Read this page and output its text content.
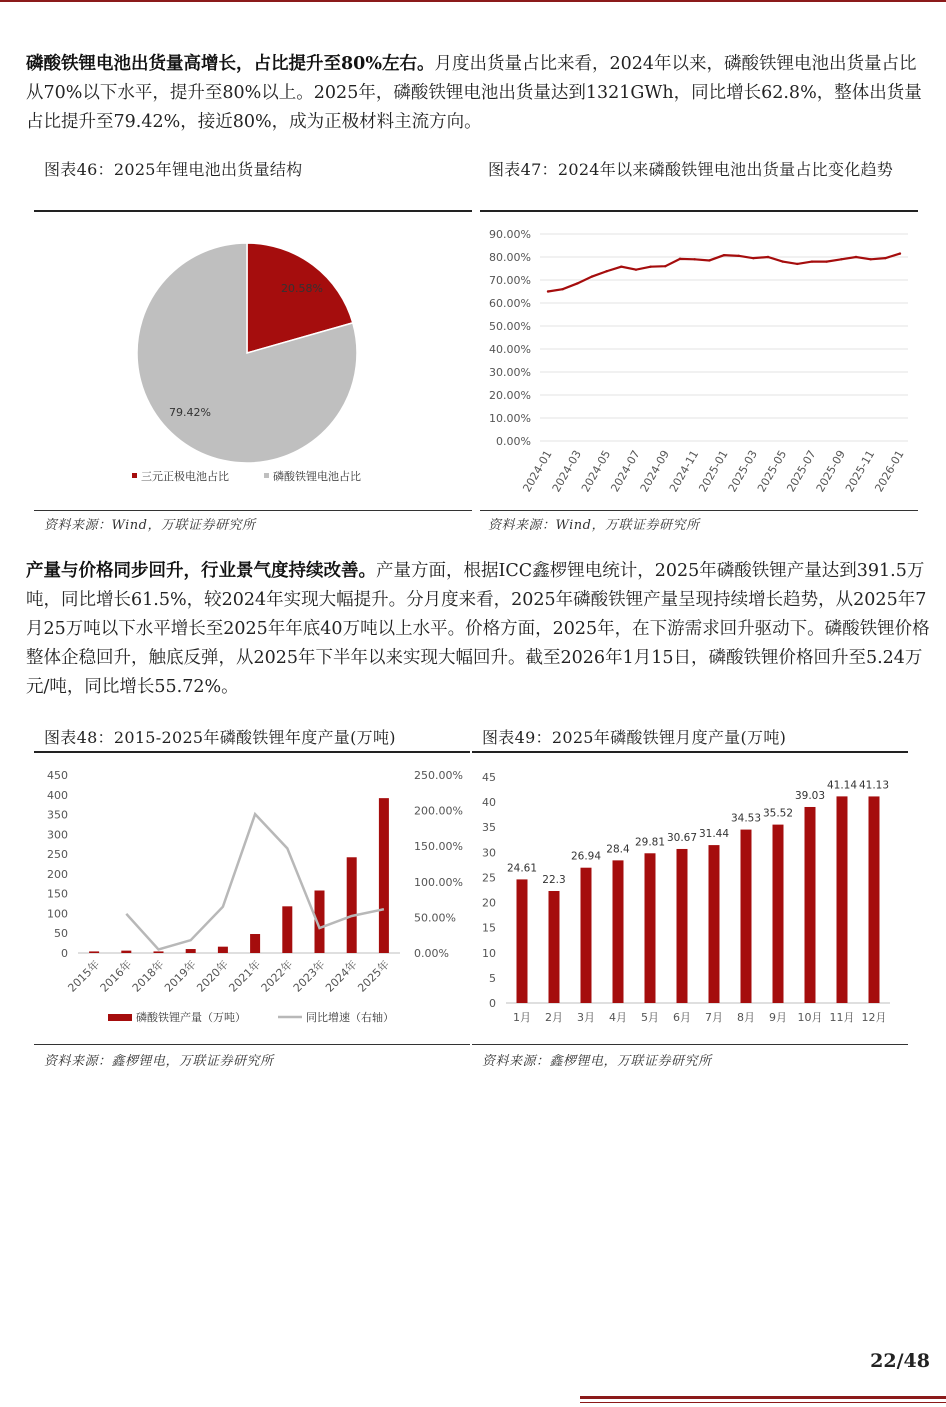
磷酸铁锂电池出货量高增长，占比提升至80%左右。月度出货量占比来看，2024年以来，磷酸铁锂电池出货量占比从70%以下水平，提升至80%以上。2025年，磷酸铁锂电池出货量达到1321GWh，同比增长62.8%，整体出货量占比提升至79.42%，接近80%，成为正极材料主流方向。

图表46：2025年锂电池出货量结构
20.58%
79.42%
三元正极电池占比	磷酸铁锂电池占比
资料来源：Wind，万联证券研究所
图表47：2024年以来磷酸铁锂电池出货量占比变化趋势
0.00%
10.00%
20.00%
30.00%
40.00%
50.00%
60.00%
70.00%
80.00%
90.00%
2024-01
2024-03
2024-05
2024-07
2024-09
2024-11
2025-01
2025-03
2025-05
2025-07
2025-09
2025-11
2026-01
资料来源：Wind，万联证券研究所

产量与价格同步回升，行业景气度持续改善。产量方面，根据ICC鑫椤锂电统计，2025年磷酸铁锂产量达到391.5万吨，同比增长61.5%，较2024年实现大幅提升。分月度来看，2025年磷酸铁锂产量呈现持续增长趋势，从2025年7月25万吨以下水平增长至2025年年底40万吨以上水平。价格方面，2025年，在下游需求回升驱动下。磷酸铁锂价格整体企稳回升，触底反弹，从2025年下半年以来实现大幅回升。截至2026年1月15日，磷酸铁锂价格回升至5.24万元/吨，同比增长55.72%。

图表48：2015-2025年磷酸铁锂年度产量(万吨)
0
50
100
150
200
250
300
350
400
450
0.00%
50.00%
100.00%
150.00%
200.00%
250.00%
2015年
2016年
2018年
2019年
2020年
2021年
2022年
2023年
2024年
2025年
磷酸铁锂产量（万吨）	同比增速（右轴）
资料来源：鑫椤锂电，万联证券研究所
图表49：2025年磷酸铁锂月度产量(万吨)
0
5
10
15
20
25
30
35
40
45
24.61
22.3
26.94
28.4
29.81 30.67 31.44
34.53 35.52
39.03
41.14 41.13
1月 2月 3月 4月 5月 6月 7月 8月 9月 10月 11月 12月
资料来源：鑫椤锂电，万联证券研究所
22/48
